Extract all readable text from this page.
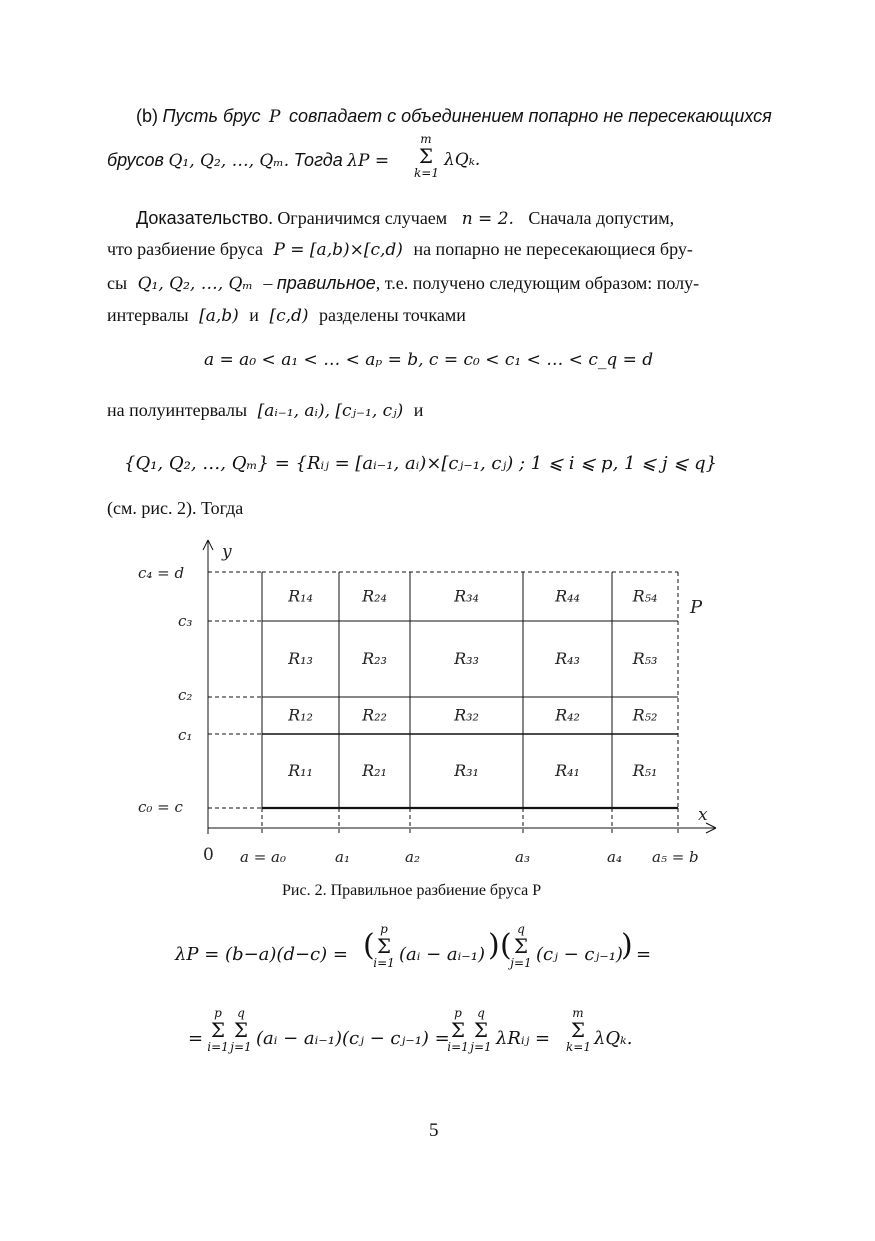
(b) Пусть брус P совпадает с объединением попарно не пересекающихся
брусов Q₁, Q₂, …, Qₘ. Тогда λP =
m
Σ
k=1
λQₖ.
Доказательство. Ограничимся случаем n = 2. Сначала допустим,
что разбиение бруса P = [a,b)×[c,d) на попарно не пересекающиеся бру-
сы Q₁, Q₂, …, Qₘ – правильное, т.е. получено следующим образом: полу-
интервалы [a,b) и [c,d) разделены точками
a = a₀ < a₁ < … < aₚ = b, c = c₀ < c₁ < … < c_q = d
на полуинтервалы [aᵢ₋₁, aᵢ), [cⱼ₋₁, cⱼ) и
{Q₁, Q₂, …, Qₘ} = {Rᵢⱼ = [aᵢ₋₁, aᵢ)×[cⱼ₋₁, cⱼ) ; 1 ⩽ i ⩽ p, 1 ⩽ j ⩽ q}
(см. рис. 2). Тогда
a = a₀	a₁	a₂	a₃	a₄ a₅ = b
c₀ = c
c₁
c₂
c₃
c₄ = d
x
y
0
P
R₁₁	R₂₁	R₃₁	R₄₁	R₅₁
R₁₂	R₂₂	R₃₂	R₄₂	R₅₂
R₁₃	R₂₃	R₃₃	R₄₃	R₅₃
R₁₄	R₂₄	R₃₄	R₄₄	R₅₄
Рис. 2. Правильное разбиение бруса P
λP = (b−a)(d−c) = ( p
Σ
i=1 (aᵢ − aᵢ₋₁) ) ( q
Σ
j=1 (cⱼ − cⱼ₋₁)
) =
=
p
Σ
i=1
q
Σ
j=1 (aᵢ − aᵢ₋₁)(cⱼ − cⱼ₋₁) =
p
Σ
i=1
q
Σ
j=1 λRᵢⱼ =
m
Σ
k=1 λQₖ.
5
